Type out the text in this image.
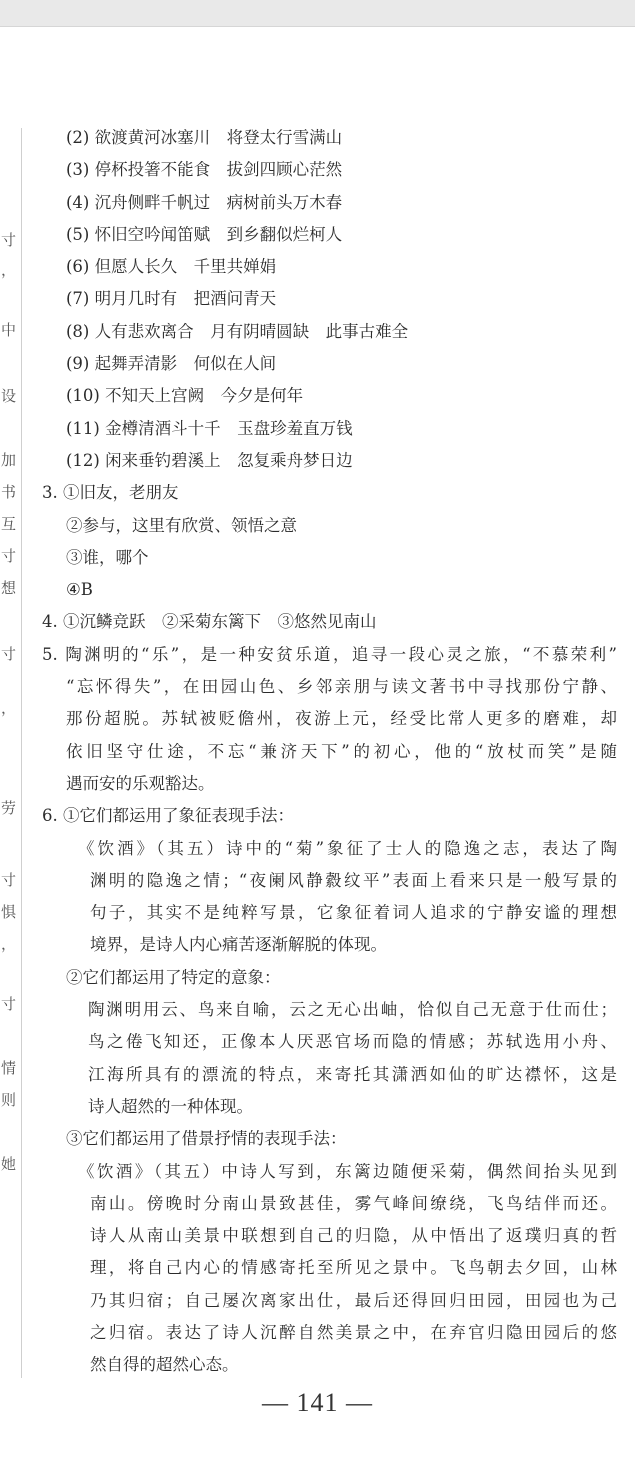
寸
，
中
设
加
书
互
寸
想
寸
，
劳
寸
惧
，
寸
情
则
她
(2) 欲渡黄河冰塞川　将登太行雪满山
(3) 停杯投箸不能食　拔剑四顾心茫然
(4) 沉舟侧畔千帆过　病树前头万木春
(5) 怀旧空吟闻笛赋　到乡翻似烂柯人
(6) 但愿人长久　千里共婵娟
(7) 明月几时有　把酒问青天
(8) 人有悲欢离合　月有阴晴圆缺　此事古难全
(9) 起舞弄清影　何似在人间
(10) 不知天上宫阙　今夕是何年
(11) 金樽清酒斗十千　玉盘珍羞直万钱
(12) 闲来垂钓碧溪上　忽复乘舟梦日边
3. ①旧友，老朋友
②参与，这里有欣赏、领悟之意
③谁，哪个
④B
4. ①沉鳞竞跃　②采菊东篱下　③悠然见南山
5. 陶渊明的“乐”，是一种安贫乐道，追寻一段心灵之旅，“不慕荣利”
“忘怀得失”，在田园山色、乡邻亲朋与读文著书中寻找那份宁静、
那份超脱。苏轼被贬儋州，夜游上元，经受比常人更多的磨难，却
依旧坚守仕途，不忘“兼济天下”的初心，他的“放杖而笑”是随
遇而安的乐观豁达。
6. ①它们都运用了象征表现手法：
《饮酒》（其五）诗中的“菊”象征了士人的隐逸之志，表达了陶
渊明的隐逸之情；“夜阑风静縠纹平”表面上看来只是一般写景的
句子，其实不是纯粹写景，它象征着词人追求的宁静安谧的理想
境界，是诗人内心痛苦逐渐解脱的体现。
②它们都运用了特定的意象：
陶渊明用云、鸟来自喻，云之无心出岫，恰似自己无意于仕而仕；
鸟之倦飞知还，正像本人厌恶官场而隐的情感；苏轼选用小舟、
江海所具有的漂流的特点，来寄托其潇洒如仙的旷达襟怀，这是
诗人超然的一种体现。
③它们都运用了借景抒情的表现手法：
《饮酒》（其五）中诗人写到，东篱边随便采菊，偶然间抬头见到
南山。傍晚时分南山景致甚佳，雾气峰间缭绕，飞鸟结伴而还。
诗人从南山美景中联想到自己的归隐，从中悟出了返璞归真的哲
理，将自己内心的情感寄托至所见之景中。飞鸟朝去夕回，山林
乃其归宿；自己屡次离家出仕，最后还得回归田园，田园也为己
之归宿。表达了诗人沉醉自然美景之中，在弃官归隐田园后的悠
然自得的超然心态。
— 141 —
